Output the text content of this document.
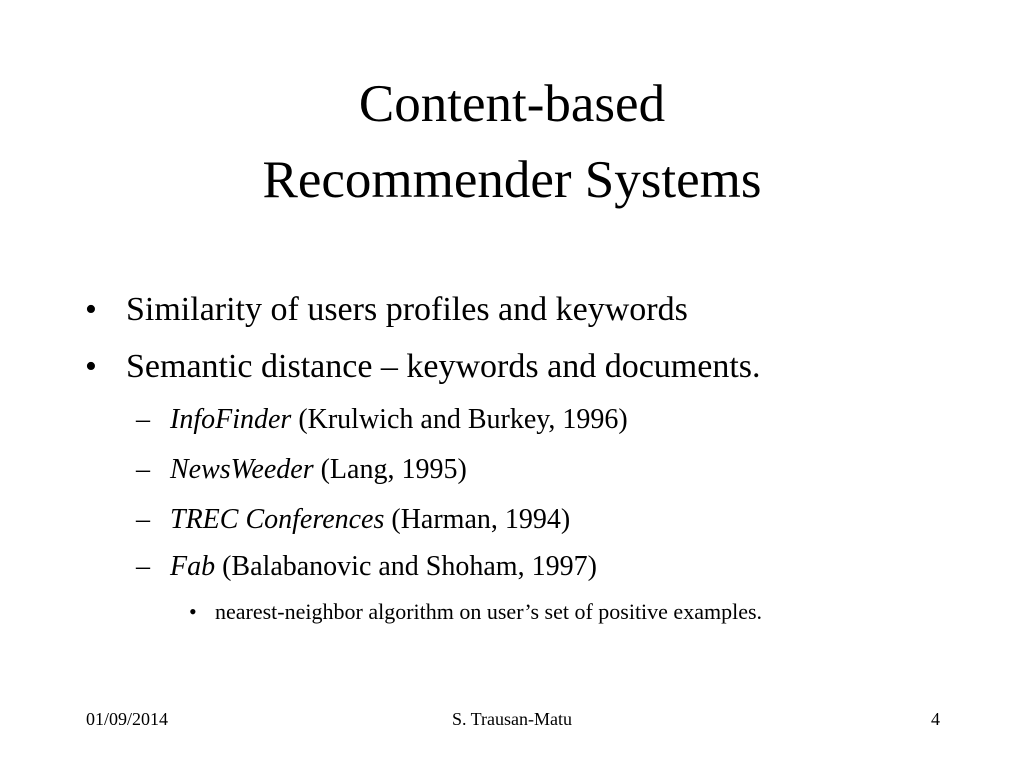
Content-based
Recommender Systems
• Similarity of users profiles and keywords
• Semantic distance – keywords and documents.
– InfoFinder (Krulwich and Burkey, 1996)
– NewsWeeder (Lang, 1995)
– TREC Conferences (Harman, 1994)
– Fab (Balabanovic and Shoham, 1997)
• nearest-neighbor algorithm on user’s set of positive examples.
01/09/2014	S. Trausan-Matu	4
